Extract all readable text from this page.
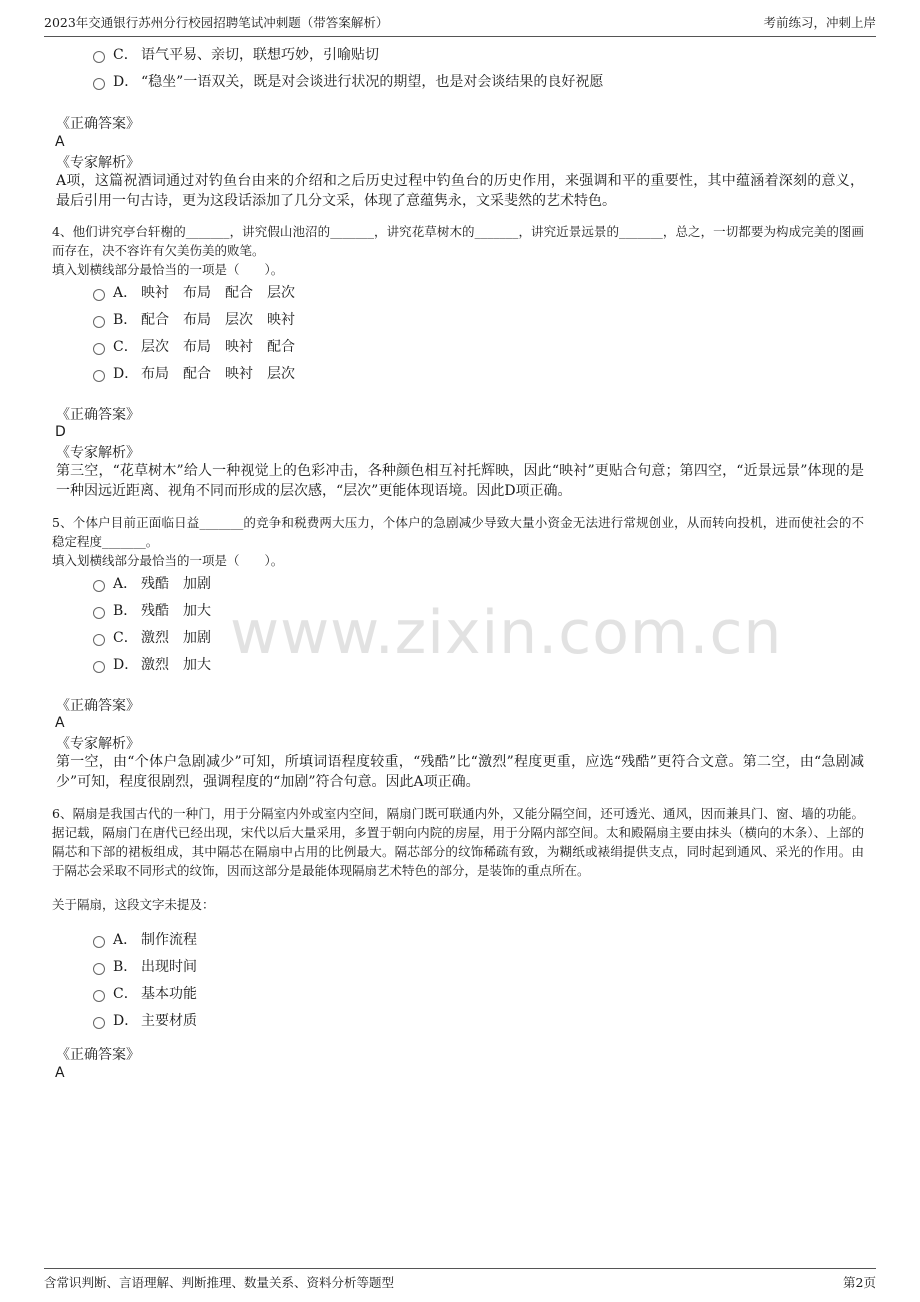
2023年交通银行苏州分行校园招聘笔试冲刺题（带答案解析）	考前练习，冲刺上岸
www.zixin.com.cn
C． 语气平易、亲切，联想巧妙，引喻贴切
D． “稳坐”一语双关，既是对会谈进行状况的期望，也是对会谈结果的良好祝愿
《正确答案》
A
《专家解析》
A项，这篇祝酒词通过对钓鱼台由来的介绍和之后历史过程中钓鱼台的历史作用，来强调和平的重要性，其中蕴涵着深刻的意义，最后引用一句古诗，更为这段话添加了几分文采，体现了意蕴隽永，文采斐然的艺术特色。
4、他们讲究亭台轩榭的_______，讲究假山池沼的_______，讲究花草树木的_______，讲究近景远景的_______，总之，一切都要为构成完美的图画而存在，决不容许有欠美伤美的败笔。
填入划横线部分最恰当的一项是（　　）。
A． 映衬 布局 配合 层次
B． 配合 布局 层次 映衬
C． 层次 布局 映衬 配合
D． 布局 配合 映衬 层次
《正确答案》
D
《专家解析》
第三空，“花草树木”给人一种视觉上的色彩冲击，各种颜色相互衬托辉映，因此“映衬”更贴合句意；第四空，“近景远景”体现的是一种因远近距离、视角不同而形成的层次感，“层次”更能体现语境。因此D项正确。
5、个体户目前正面临日益_______的竞争和税费两大压力，个体户的急剧减少导致大量小资金无法进行常规创业，从而转向投机，进而使社会的不稳定程度_______。
填入划横线部分最恰当的一项是（　　）。
A． 残酷 加剧
B． 残酷 加大
C． 激烈 加剧
D． 激烈 加大
《正确答案》
A
《专家解析》
第一空，由“个体户急剧减少”可知，所填词语程度较重，“残酷”比“激烈”程度更重，应选“残酷”更符合文意。第二空，由“急剧减少”可知，程度很剧烈，强调程度的“加剧”符合句意。因此A项正确。
6、隔扇是我国古代的一种门，用于分隔室内外或室内空间，隔扇门既可联通内外，又能分隔空间，还可透光、通风，因而兼具门、窗、墙的功能。据记载，隔扇门在唐代已经出现，宋代以后大量采用，多置于朝向内院的房屋，用于分隔内部空间。太和殿隔扇主要由抹头（横向的木条）、上部的隔芯和下部的裙板组成，其中隔芯在隔扇中占用的比例最大。隔芯部分的纹饰稀疏有致，为糊纸或裱绢提供支点，同时起到通风、采光的作用。由于隔芯会采取不同形式的纹饰，因而这部分是最能体现隔扇艺术特色的部分，是装饰的重点所在。
关于隔扇，这段文字未提及：
A． 制作流程
B． 出现时间
C． 基本功能
D． 主要材质
《正确答案》
A
含常识判断、言语理解、判断推理、数量关系、资料分析等题型	第2页
